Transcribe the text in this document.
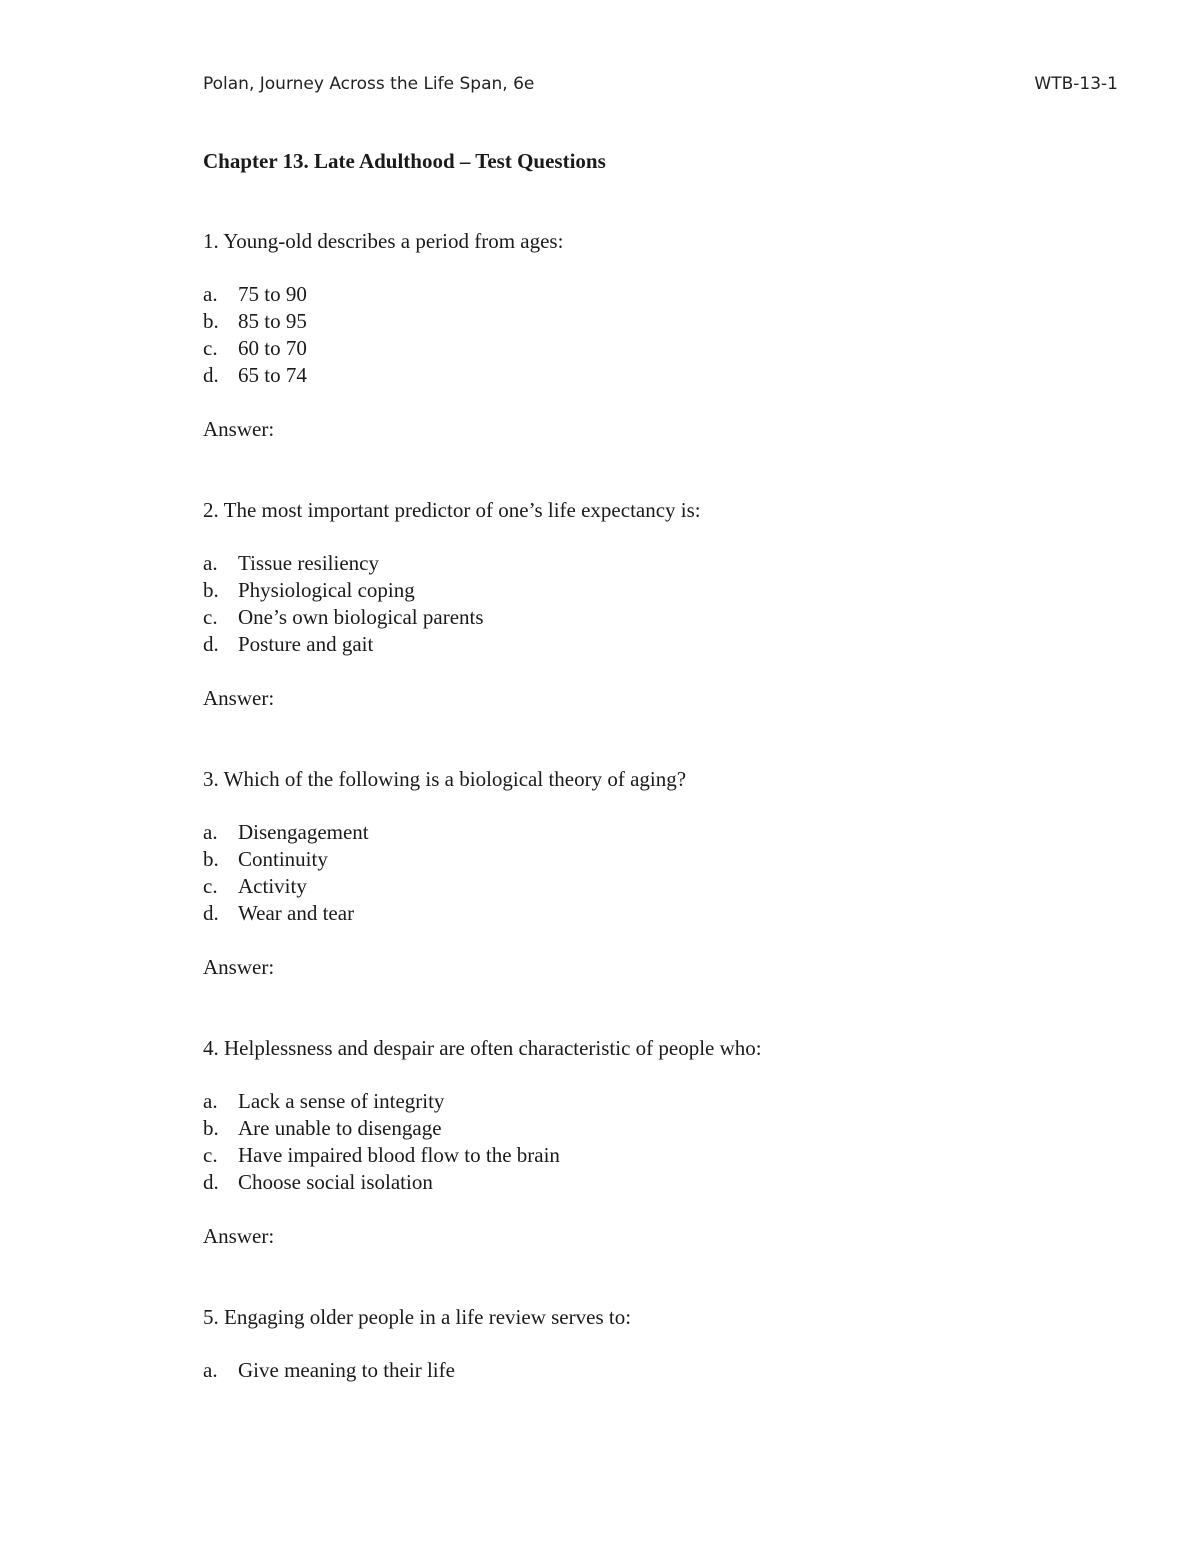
Polan, Journey Across the Life Span, 6e	WTB-13-1
Chapter 13. Late Adulthood – Test Questions

1. Young-old describes a period from ages:

a. 75 to 90
b. 85 to 95
c. 60 to 70
d. 65 to 74

Answer:

2. The most important predictor of one’s life expectancy is:

a. Tissue resiliency
b. Physiological coping
c. One’s own biological parents
d. Posture and gait

Answer:

3. Which of the following is a biological theory of aging?

a. Disengagement
b. Continuity
c. Activity
d. Wear and tear

Answer:

4. Helplessness and despair are often characteristic of people who:

a. Lack a sense of integrity
b. Are unable to disengage
c. Have impaired blood flow to the brain
d. Choose social isolation

Answer:

5. Engaging older people in a life review serves to:

a. Give meaning to their life
